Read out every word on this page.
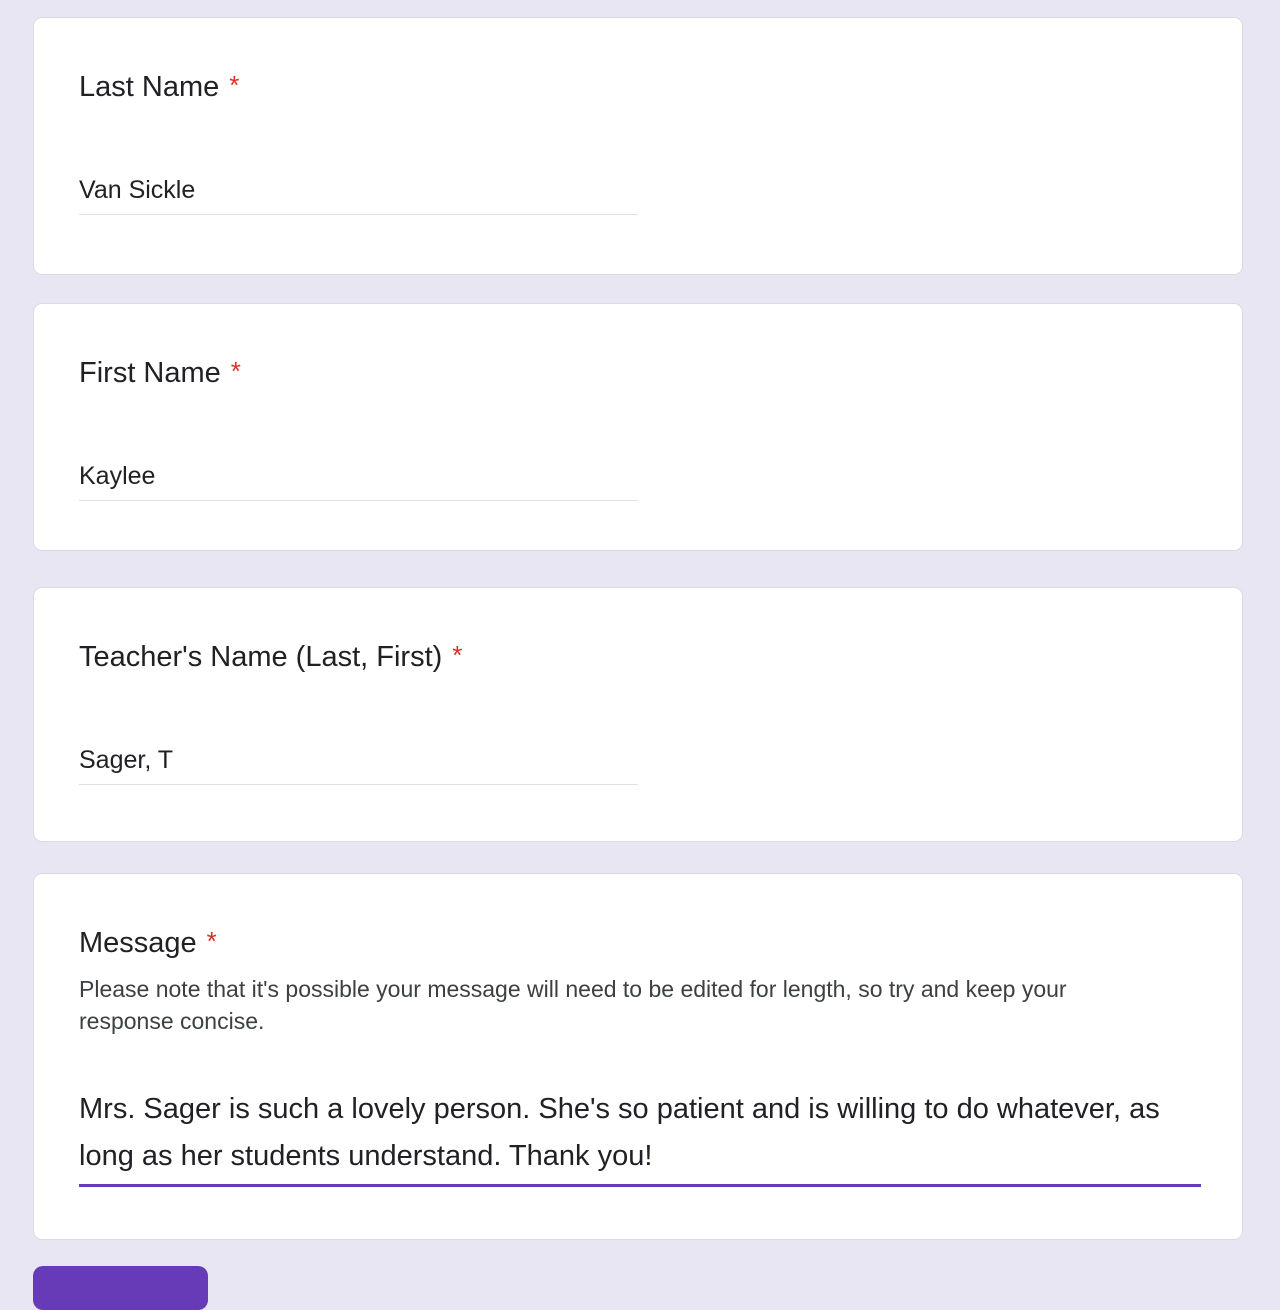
Last Name *
Van Sickle
First Name *
Kaylee
Teacher's Name (Last, First) *
Sager, T
Message *
Please note that it's possible your message will need to be edited for length, so try and keep your response concise.
Mrs. Sager is such a lovely person. She's so patient and is willing to do whatever, as long as her students understand. Thank you!
